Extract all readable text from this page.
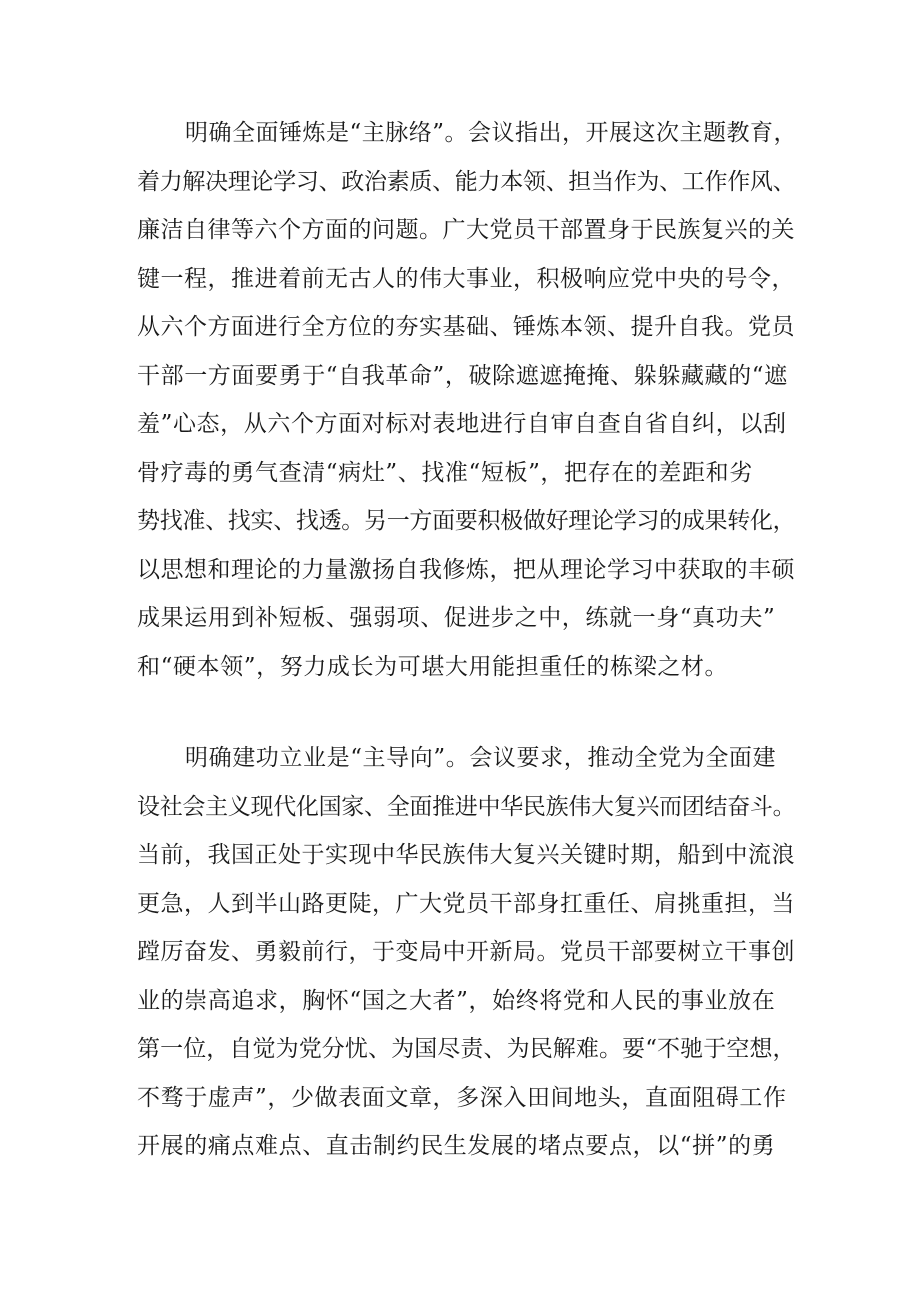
明确全面锤炼是“主脉络”。会议指出，开展这次主题教育，
着力解决理论学习、政治素质、能力本领、担当作为、工作作风、
廉洁自律等六个方面的问题。广大党员干部置身于民族复兴的关
键一程，推进着前无古人的伟大事业，积极响应党中央的号令，
从六个方面进行全方位的夯实基础、锤炼本领、提升自我。党员
干部一方面要勇于“自我革命”，破除遮遮掩掩、躲躲藏藏的“遮
羞”心态，从六个方面对标对表地进行自审自查自省自纠，以刮
骨疗毒的勇气查清“病灶”、找准“短板”，把存在的差距和劣
势找准、找实、找透。另一方面要积极做好理论学习的成果转化，
以思想和理论的力量激扬自我修炼，把从理论学习中获取的丰硕
成果运用到补短板、强弱项、促进步之中，练就一身“真功夫”
和“硬本领”，努力成长为可堪大用能担重任的栋梁之材。
明确建功立业是“主导向”。会议要求，推动全党为全面建
设社会主义现代化国家、全面推进中华民族伟大复兴而团结奋斗。
当前，我国正处于实现中华民族伟大复兴关键时期，船到中流浪
更急，人到半山路更陡，广大党员干部身扛重任、肩挑重担，当
蹚厉奋发、勇毅前行，于变局中开新局。党员干部要树立干事创
业的崇高追求，胸怀“国之大者”，始终将党和人民的事业放在
第一位，自觉为党分忧、为国尽责、为民解难。要“不驰于空想，
不骛于虚声”，少做表面文章，多深入田间地头，直面阻碍工作
开展的痛点难点、直击制约民生发展的堵点要点，以“拼”的勇
